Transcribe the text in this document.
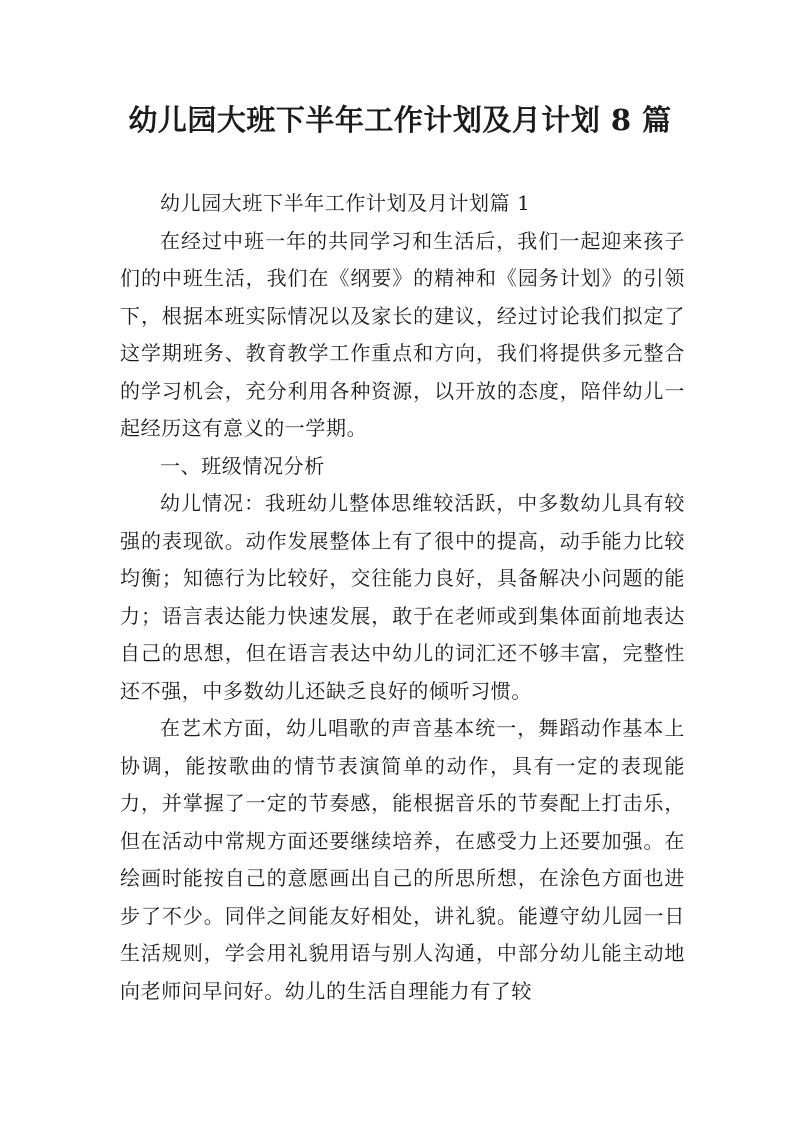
幼儿园大班下半年工作计划及月计划 8 篇

幼儿园大班下半年工作计划及月计划篇 1

在经过中班一年的共同学习和生活后，我们一起迎来孩子们的中班生活，我们在《纲要》的精神和《园务计划》的引领下，根据本班实际情况以及家长的建议，经过讨论我们拟定了这学期班务、教育教学工作重点和方向，我们将提供多元整合的学习机会，充分利用各种资源，以开放的态度，陪伴幼儿一起经历这有意义的一学期。

一、班级情况分析

幼儿情况：我班幼儿整体思维较活跃，中多数幼儿具有较强的表现欲。动作发展整体上有了很中的提高，动手能力比较均衡；知德行为比较好，交往能力良好，具备解决小问题的能力；语言表达能力快速发展，敢于在老师或到集体面前地表达自己的思想，但在语言表达中幼儿的词汇还不够丰富，完整性还不强，中多数幼儿还缺乏良好的倾听习惯。

在艺术方面，幼儿唱歌的声音基本统一，舞蹈动作基本上协调，能按歌曲的情节表演简单的动作，具有一定的表现能力，并掌握了一定的节奏感，能根据音乐的节奏配上打击乐，但在活动中常规方面还要继续培养，在感受力上还要加强。在绘画时能按自己的意愿画出自己的所思所想，在涂色方面也进步了不少。同伴之间能友好相处，讲礼貌。能遵守幼儿园一日生活规则，学会用礼貌用语与别人沟通，中部分幼儿能主动地向老师问早问好。幼儿的生活自理能力有了较
